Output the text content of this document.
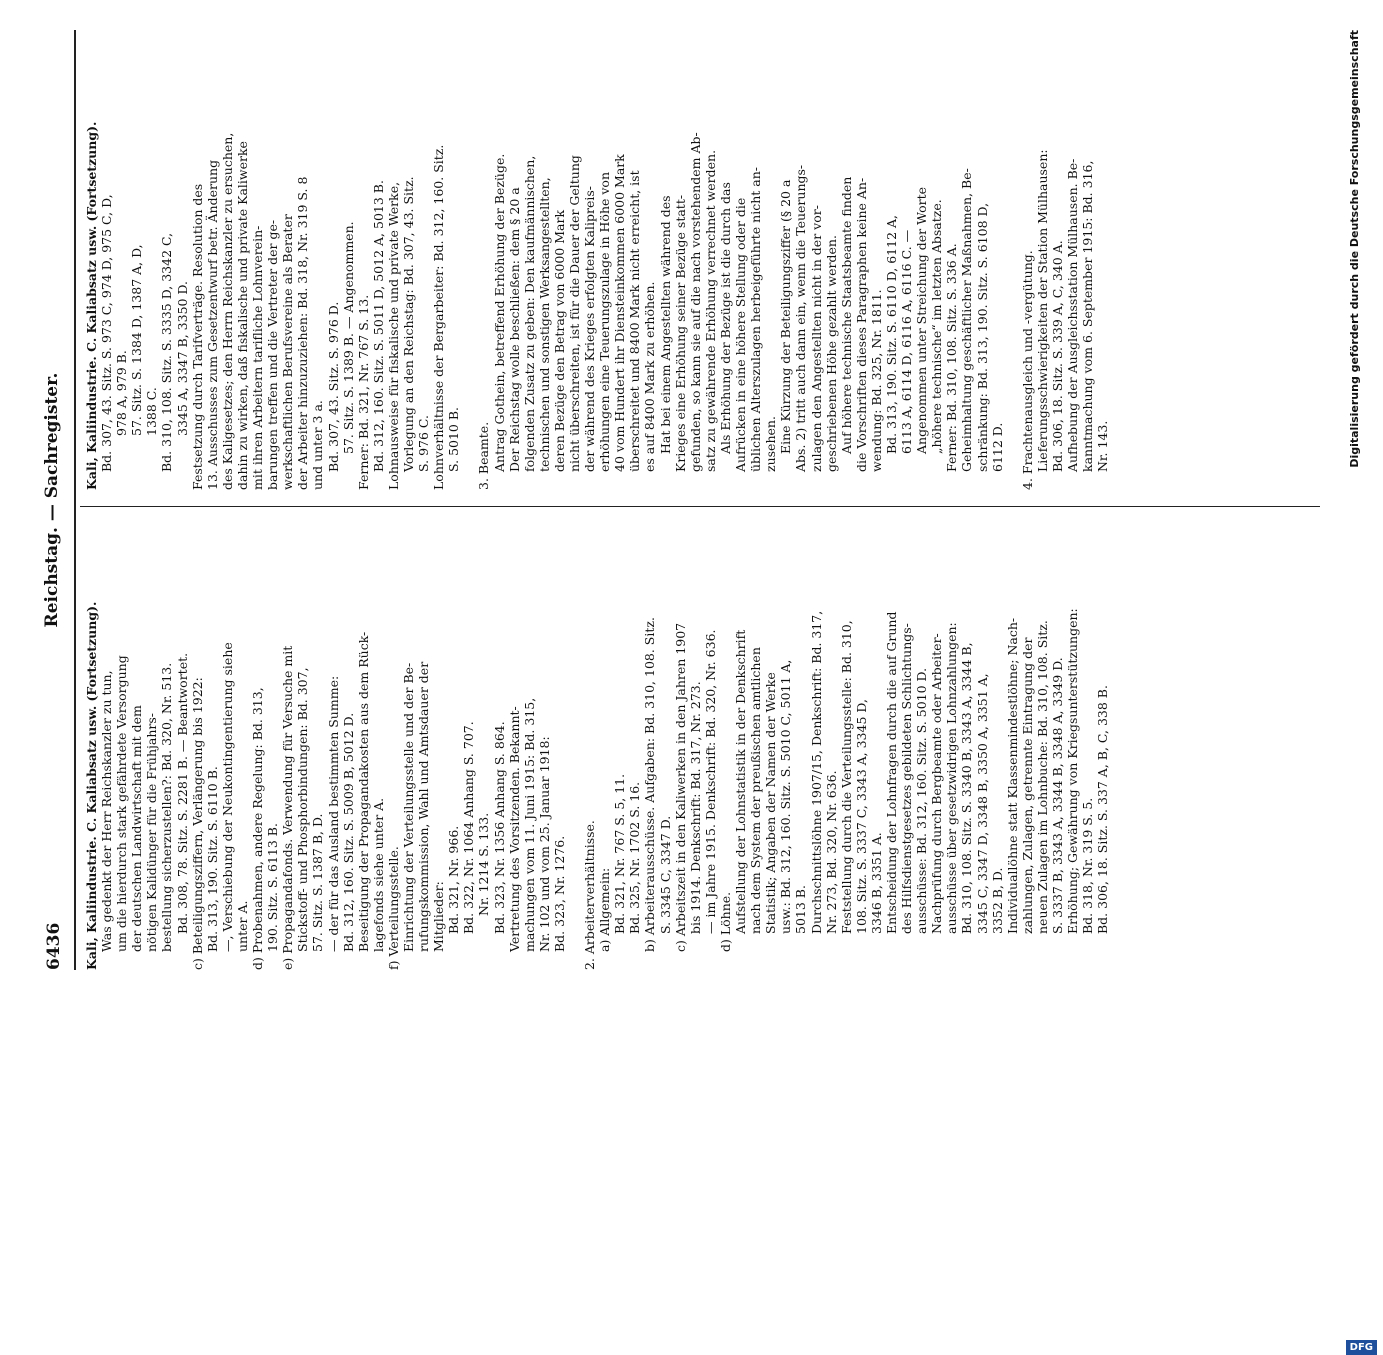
6436
Reichstag. — Sachregister.
Kali, Kaliindustrie. C. Kaliabsatz usw. (Fortsetzung). Was gedenkt der Herr Reichskanzler zu tun, um die hierdurch stark gefährdete Versorgung der deutschen Landwirtschaft mit dem nötigen Kalidünger für die Frühjahrs- bestellung sicherzustellen?: Bd. 320, Nr. 513. Bd. 308, 78. Sitz. S. 2281 B. — Beantwortet. c) Beteiligungsziffern, Verlängerung bis 1922: Bd. 313, 190. Sitz. S. 6110 B. —, Verschiebung der Neukontingentierung siehe unter A. d) Probenahmen, andere Regelung: Bd. 313, 190. Sitz. S. 6113 B. e) Propagandafonds. Verwendung für Versuche mit Stickstoff- und Phosphorbindungen: Bd. 307, 57. Sitz. S. 1387 B, D. — der für das Ausland bestimmten Summe: Bd. 312, 160. Sitz. S. 5009 B, 5012 D. Beseitigung der Propagandakosten aus dem Rück- lagefonds siehe unter A. f) Verteilungsstelle. Einrichtung der Verteilungsstelle und der Be- rufungskommission, Wahl und Amtsdauer der Mitglieder: Bd. 321, Nr. 966. Bd. 322, Nr. 1064 Anhang S. 707. Nr. 1214 S. 133. Bd. 323, Nr. 1356 Anhang S. 864. Vertretung des Vorsitzenden. Bekannt- machungen vom 11. Juni 1915: Bd. 315, Nr. 102 und vom 25. Januar 1918: Bd. 323, Nr. 1276.
2. Arbeiterverhältnisse. a) Allgemein: Bd. 321, Nr. 767 S. 5, 11. Bd. 325, Nr. 1702 S. 16. b) Arbeiterausschüsse. Aufgaben: Bd. 310, 108. Sitz. S. 3345 C, 3347 D. c) Arbeitszeit in den Kaliwerken in den Jahren 1907 bis 1914. Denkschrift: Bd. 317, Nr. 273. — im Jahre 1915. Denkschrift: Bd. 320, Nr. 636. d) Löhne. Aufstellung der Lohnstatistik in der Denkschrift nach dem System der preußischen amtlichen Statistik; Angaben der Namen der Werke usw.: Bd. 312, 160. Sitz. S. 5010 C, 5011 A, 5013 B. Durchschnittslöhne 1907/15, Denkschrift: Bd. 317, Nr. 273, Bd. 320, Nr. 636. Feststellung durch die Verteilungsstelle: Bd. 310, 108. Sitz. S. 3337 C, 3343 A, 3345 D, 3346 B, 3351 A. Entscheidung der Lohnfragen durch die auf Grund des Hilfsdienstgesetzes gebildeten Schlichtungs- ausschüsse: Bd. 312, 160. Sitz. S. 5010 D. Nachprüfung durch Bergbeamte oder Arbeiter- ausschüsse über gesetzwidrigen Lohnzahlungen: Bd. 310, 108. Sitz. S. 3340 B, 3343 A, 3344 B, 3345 C, 3347 D, 3348 B, 3350 A, 3351 A, 3352 B, D. Individuallöhne statt Klassenmindestlöhne; Nach- zahlungen, Zulagen, getrennte Eintragung der neuen Zulagen im Lohnbuche: Bd. 310, 108. Sitz. S. 3337 B, 3343 A, 3344 B, 3348 A, 3349 D. Erhöhung; Gewährung von Kriegsunterstützungen: Bd. 318, Nr. 319 S. 5. Bd. 306, 18. Sitz. S. 337 A, B, C, 338 B.
Kali, Kaliindustrie. C. Kaliabsatz usw. (Fortsetzung). Bd. 307, 43. Sitz. S. 973 C, 974 D, 975 C, D, 978 A, 979 B. 57. Sitz. S. 1384 D, 1387 A, D, 1388 C. Bd. 310, 108. Sitz. S. 3335 D, 3342 C, 3345 A, 3347 B, 3350 D. Festsetzung durch Tarifverträge. Resolution des 13. Ausschusses zum Gesetzentwurf betr. Änderung des Kaligesetzes; den Herrn Reichskanzler zu ersuchen, dahin zu wirken, daß fiskalische und private Kaliwerke mit ihren Arbeitern tarifliche Lohnverein- barungen treffen und die Vertreter der ge- werkschaftlichen Berufsvereine als Berater der Arbeiter hinzuzuziehen: Bd. 318, Nr. 319 S. 8 und unter 3 a. Bd. 307, 43. Sitz. S. 976 D. 57. Sitz. S. 1389 B. — Angenommen. Ferner: Bd. 321, Nr. 767 S. 13. Bd. 312, 160. Sitz. S. 5011 D, 5012 A, 5013 B. Lohnausweise für fiskalische und private Werke, Vorlegung an den Reichstag: Bd. 307, 43. Sitz. S. 976 C. Lohnverhältnisse der Bergarbeiter: Bd. 312, 160. Sitz. S. 5010 B.
3. Beamte. Antrag Gothein, betreffend Erhöhung der Bezüge. Der Reichstag wolle beschließen: dem § 20 a folgenden Zusatz zu geben: Den kaufmännischen, technischen und sonstigen Werksangestellten, deren Bezüge den Betrag von 6000 Mark nicht überschreiten, ist für die Dauer der Geltung der während des Krieges erfolgten Kalipreis- erhöhungen eine Teuerungszulage in Höhe von 40 vom Hundert ihr Diensteinkommen 6000 Mark überschreitet und 8400 Mark nicht erreicht, ist es auf 8400 Mark zu erhöhen. Hat bei einem Angestellten während des Krieges eine Erhöhung seiner Bezüge statt- gefunden, so kann sie auf die nach vorstehendem Ab- satz zu gewährende Erhöhung verrechnet werden. Als Erhöhung der Bezüge ist die durch das Aufrücken in eine höhere Stellung oder die üblichen Alterszulagen herbeigeführte nicht an- zusehen. Eine Kürzung der Beteiligungsziffer (§ 20 a Abs. 2) tritt auch dann ein, wenn die Teuerungs- zulagen den Angestellten nicht in der vor- geschriebenen Höhe gezahlt werden. Auf höhere technische Staatsbeamte finden die Vorschriften dieses Paragraphen keine An- wendung: Bd. 325, Nr. 1811. Bd. 313, 190. Sitz. S. 6110 D, 6112 A, 6113 A, 6114 D, 6116 A, 6116 C. — Angenommen unter Streichung der Worte „höhere technische“ im letzten Absatze. Ferner: Bd. 310, 108. Sitz. S. 336 A. Geheimhaltung geschäftlicher Maßnahmen, Be- schränkung: Bd. 313, 190. Sitz. S. 6108 D, 6112 D.
4. Frachtenausgleich und -vergütung. Lieferungsschwierigkeiten der Station Mülhausen: Bd. 306, 18. Sitz. S. 339 A, C, 340 A. Aufhebung der Ausgleichsstation Mülhausen. Be- kanntmachung vom 6. September 1915: Bd. 316, Nr. 143.	Digitalisierung gefördert durch die Deutsche Forschungsgemeinschaft
DFG
